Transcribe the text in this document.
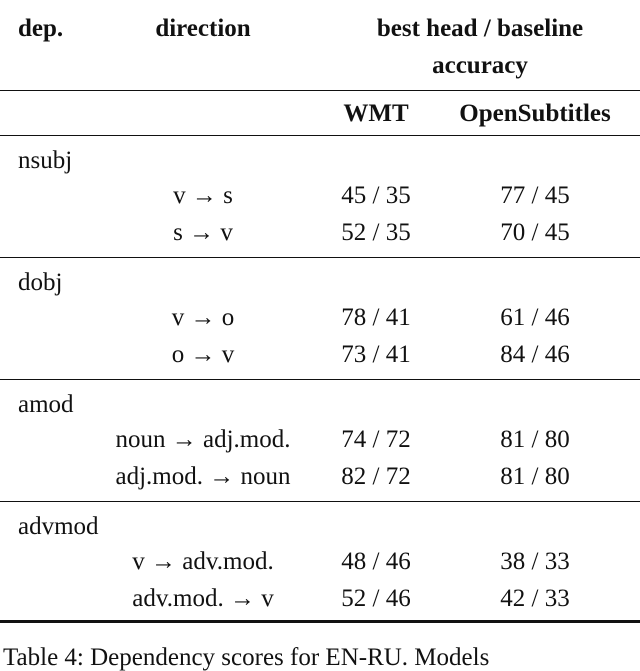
dep.	direction	best head / baseline
accuracy
WMT OpenSubtitles
nsubj
v → s	45 / 35	77 / 45
s → v	52 / 35	70 / 45
dobj
v → o	78 / 41	61 / 46
o → v	73 / 41	84 / 46
amod
noun → adj.mod. 74 / 72	81 / 80
adj.mod. → noun 82 / 72	81 / 80
advmod
v → adv.mod.	48 / 46	38 / 33
adv.mod. → v	52 / 46	42 / 33
Table 4: Dependency scores for EN-RU. Models
